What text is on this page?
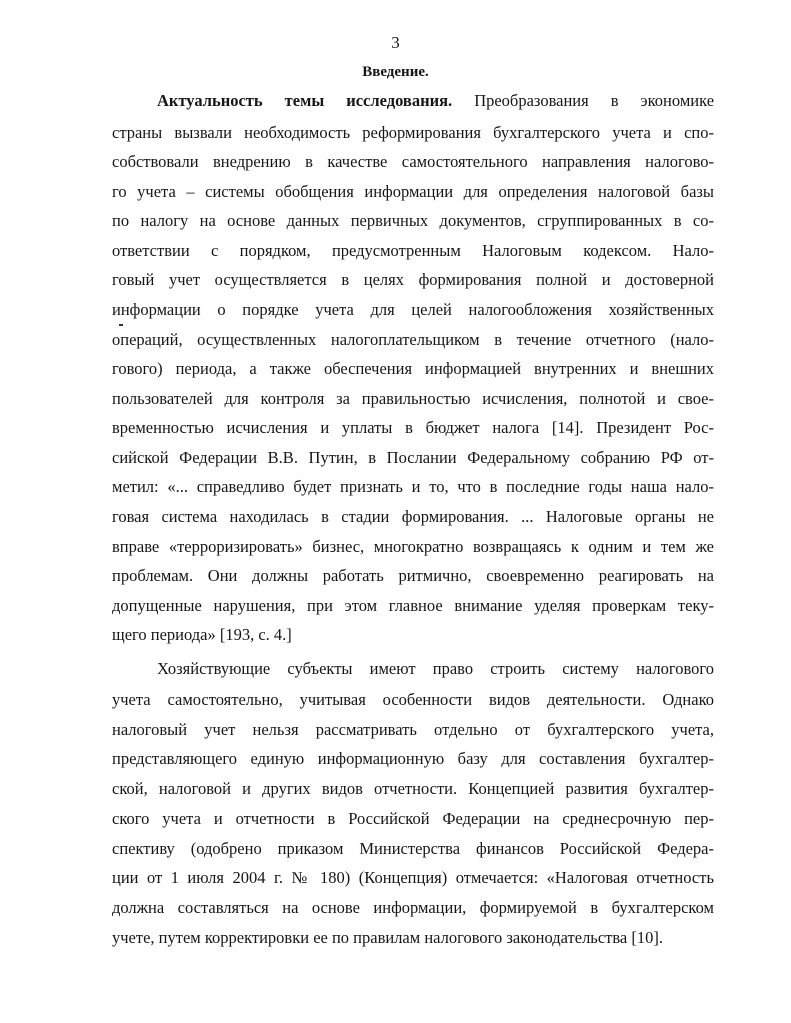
3
Введение.
Актуальность темы исследования. Преобразования в экономике
страны вызвали необходимость реформирования бухгалтерского учета и спо-
собствовали внедрению в качестве самостоятельного направления налогово-
го учета – системы обобщения информации для определения налоговой базы
по налогу на основе данных первичных документов, сгруппированных в со-
ответствии с порядком, предусмотренным Налоговым кодексом. Нало-
говый учет осуществляется в целях формирования полной и достоверной
информации о порядке учета для целей налогообложения хозяйственных
операций, осуществленных налогоплательщиком в течение отчетного (нало-
гового) периода, а также обеспечения информацией внутренних и внешних
пользователей для контроля за правильностью исчисления, полнотой и свое-
временностью исчисления и уплаты в бюджет налога [14]. Президент Рос-
сийской Федерации В.В. Путин, в Послании Федеральному собранию РФ от-
метил: «... справедливо будет признать и то, что в последние годы наша нало-
говая система находилась в стадии формирования. ... Налоговые органы не
вправе «терроризировать» бизнес, многократно возвращаясь к одним и тем же
проблемам. Они должны работать ритмично, своевременно реагировать на
допущенные нарушения, при этом главное внимание уделяя проверкам теку-
щего периода» [193, с. 4.]
Хозяйствующие субъекты имеют право строить систему налогового
учета самостоятельно, учитывая особенности видов деятельности. Однако
налоговый учет нельзя рассматривать отдельно от бухгалтерского учета,
представляющего единую информационную базу для составления бухгалтер-
ской, налоговой и других видов отчетности. Концепцией развития бухгалтер-
ского учета и отчетности в Российской Федерации на среднесрочную пер-
спективу (одобрено приказом Министерства финансов Российской Федера-
ции от 1 июля 2004 г. № 180) (Концепция) отмечается: «Налоговая отчетность
должна составляться на основе информации, формируемой в бухгалтерском
учете, путем корректировки ее по правилам налогового законодательства [10].
